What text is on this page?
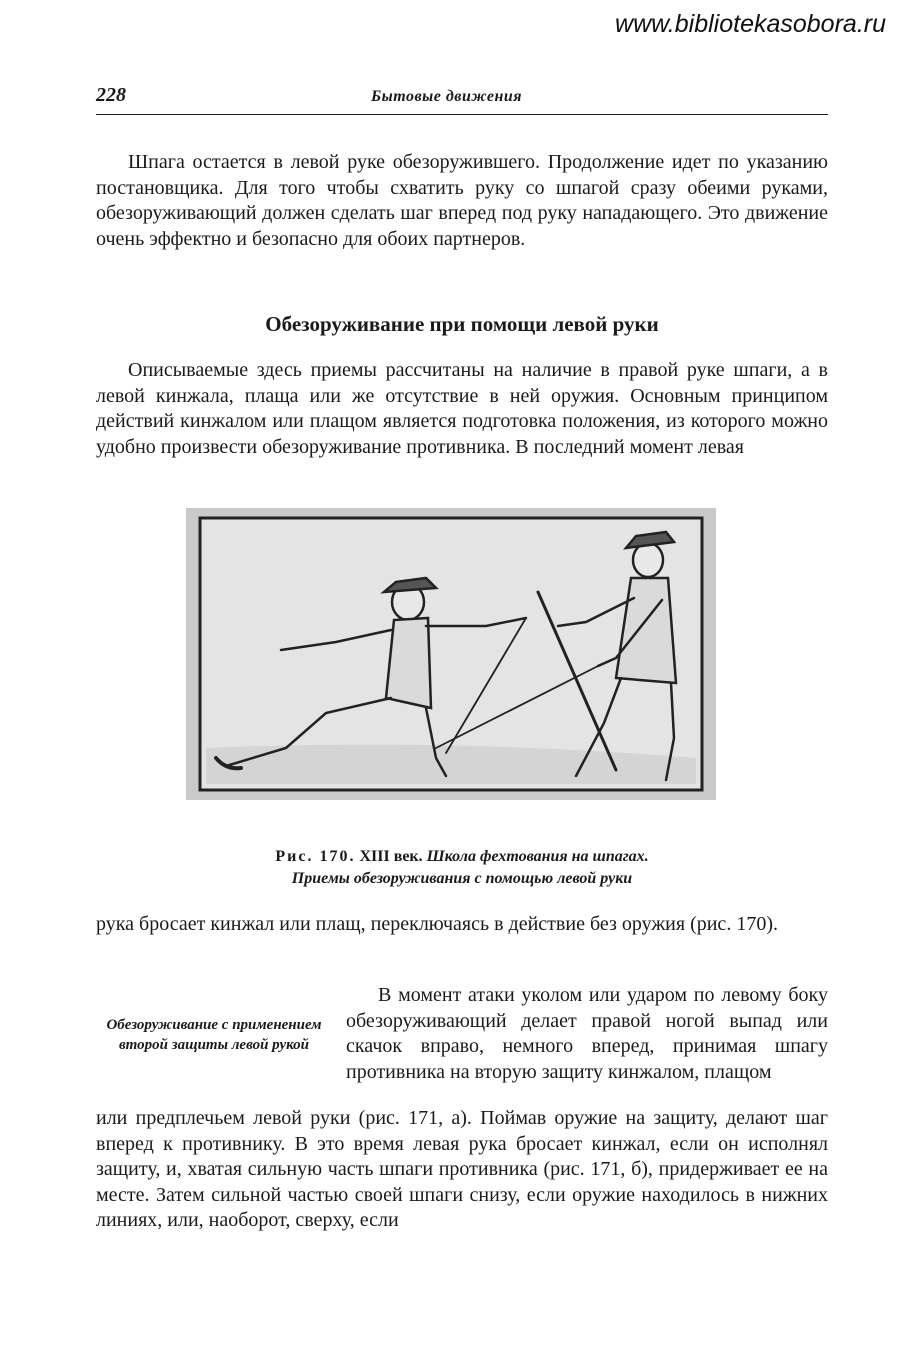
www.bibliotekasobora.ru
228	Бытовые движения
Шпага остается в левой руке обезоружившего. Продолжение идет по указанию постановщика. Для того чтобы схватить руку со шпагой сразу обеими руками, обезоруживающий должен сделать шаг вперед под руку нападающего. Это движение очень эффектно и безопасно для обоих партнеров.
Обезоруживание при помощи левой руки
Описываемые здесь приемы рассчитаны на наличие в правой руке шпаги, а в левой кинжала, плаща или же отсутствие в ней оружия. Основным принципом действий кинжалом или плащом является подготовка положения, из которого можно удобно произвести обезоруживание противника. В последний момент левая
Рис. 170. XIII век. Школа фехтования на шпагах.
Приемы обезоруживания с помощью левой руки
рука бросает кинжал или плащ, переключаясь в действие без оружия (рис. 170).
Обезоруживание с применением второй защиты левой рукой
В момент атаки уколом или ударом по левому боку обезоруживающий делает правой ногой выпад или скачок вправо, немного вперед, принимая шпагу противника на вторую защиту кинжалом, плащом
или предплечьем левой руки (рис. 171, а). Поймав оружие на защиту, делают шаг вперед к противнику. В это время левая рука бросает кинжал, если он исполнял защиту, и, хватая сильную часть шпаги противника (рис. 171, б), придерживает ее на месте. Затем сильной частью своей шпаги снизу, если оружие находилось в нижних линиях, или, наоборот, сверху, если
